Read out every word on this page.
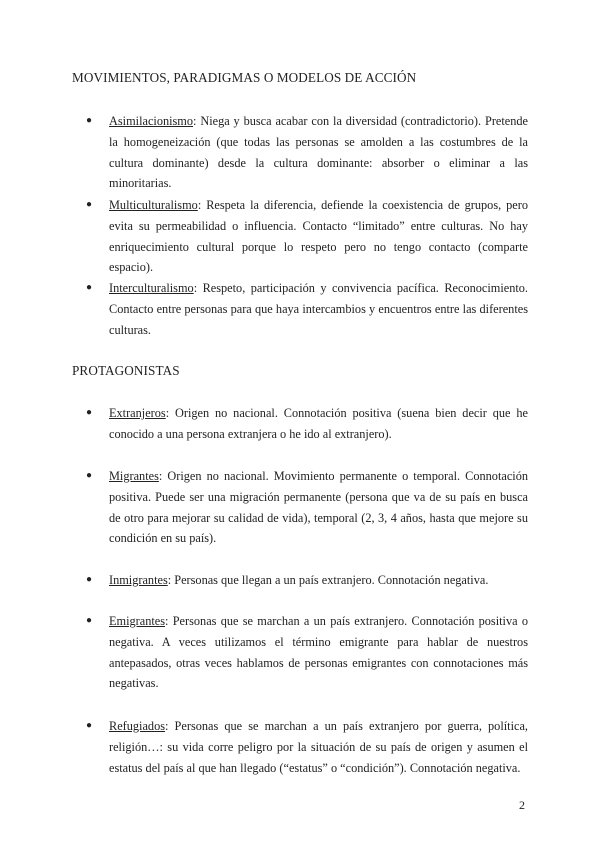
MOVIMIENTOS, PARADIGMAS O MODELOS DE ACCIÓN
●	Asimilacionismo: Niega y busca acabar con la diversidad (contradictorio). Pretende la homogeneización (que todas las personas se amolden a las costumbres de la cultura dominante) desde la cultura dominante: absorber o eliminar a las minoritarias.
●	Multiculturalismo: Respeta la diferencia, defiende la coexistencia de grupos, pero evita su permeabilidad o influencia. Contacto “limitado” entre culturas. No hay enriquecimiento cultural porque lo respeto pero no tengo contacto (comparte espacio).
●	Interculturalismo: Respeto, participación y convivencia pacífica. Reconocimiento. Contacto entre personas para que haya intercambios y encuentros entre las diferentes culturas.
PROTAGONISTAS
●	Extranjeros: Origen no nacional. Connotación positiva (suena bien decir que he conocido a una persona extranjera o he ido al extranjero).
●	Migrantes: Origen no nacional. Movimiento permanente o temporal. Connotación positiva. Puede ser una migración permanente (persona que va de su país en busca de otro para mejorar su calidad de vida), temporal (2, 3, 4 años, hasta que mejore su condición en su país).
●	Inmigrantes: Personas que llegan a un país extranjero. Connotación negativa.
●	Emigrantes: Personas que se marchan a un país extranjero. Connotación positiva o negativa. A veces utilizamos el término emigrante para hablar de nuestros antepasados, otras veces hablamos de personas emigrantes con connotaciones más negativas.
●	Refugiados: Personas que se marchan a un país extranjero por guerra, política, religión…: su vida corre peligro por la situación de su país de origen y asumen el estatus del país al que han llegado (“estatus” o “condición”). Connotación negativa.
2
